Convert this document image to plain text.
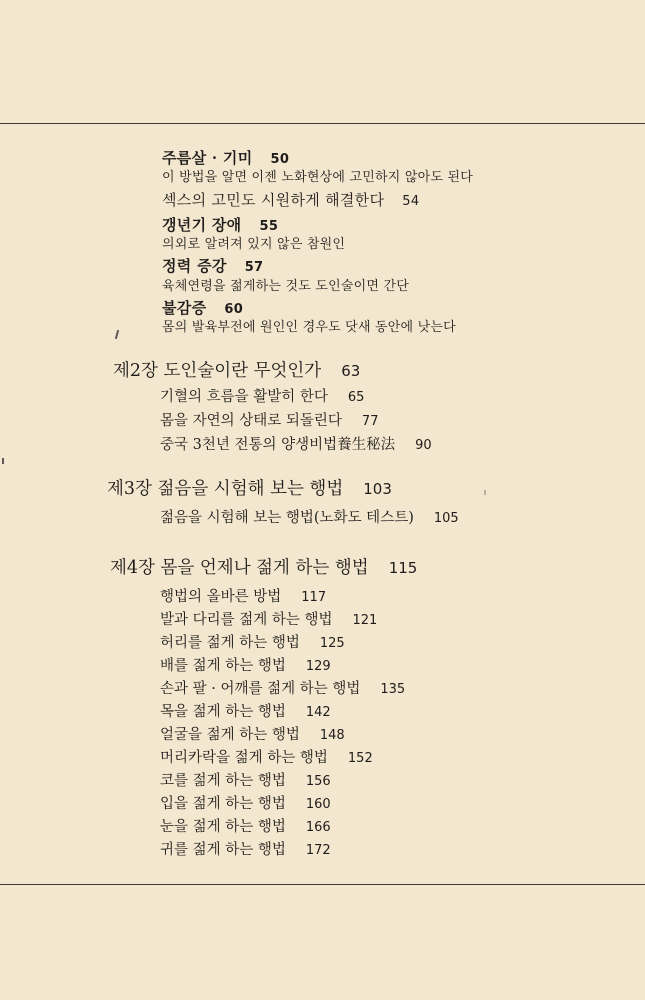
주름살 · 기미 50
이 방법을 알면 이젠 노화현상에 고민하지 않아도 된다
섹스의 고민도 시원하게 해결한다 54
갱년기 장애 55
의외로 알려져 있지 않은 참원인
정력 증강 57
육체연령을 젊게하는 것도 도인술이면 간단
불감증 60
몸의 발육부전에 원인인 경우도 닷새 동안에 낫는다
제2장 도인술이란 무엇인가 63
기혈의 흐름을 활발히 한다 65
몸을 자연의 상태로 되돌린다 77
중국 3천년 전통의 양생비법養生秘法 90
제3장 젊음을 시험해 보는 행법 103
젊음을 시험해 보는 행법(노화도 테스트) 105
제4장 몸을 언제나 젊게 하는 행법 115
행법의 올바른 방법 117
발과 다리를 젊게 하는 행법 121
허리를 젊게 하는 행법 125
배를 젊게 하는 행법 129
손과 팔 · 어깨를 젊게 하는 행법 135
목을 젊게 하는 행법 142
얼굴을 젊게 하는 행법 148
머리카락을 젊게 하는 행법 152
코를 젊게 하는 행법 156
입을 젊게 하는 행법 160
눈을 젊게 하는 행법 166
귀를 젊게 하는 행법 172
